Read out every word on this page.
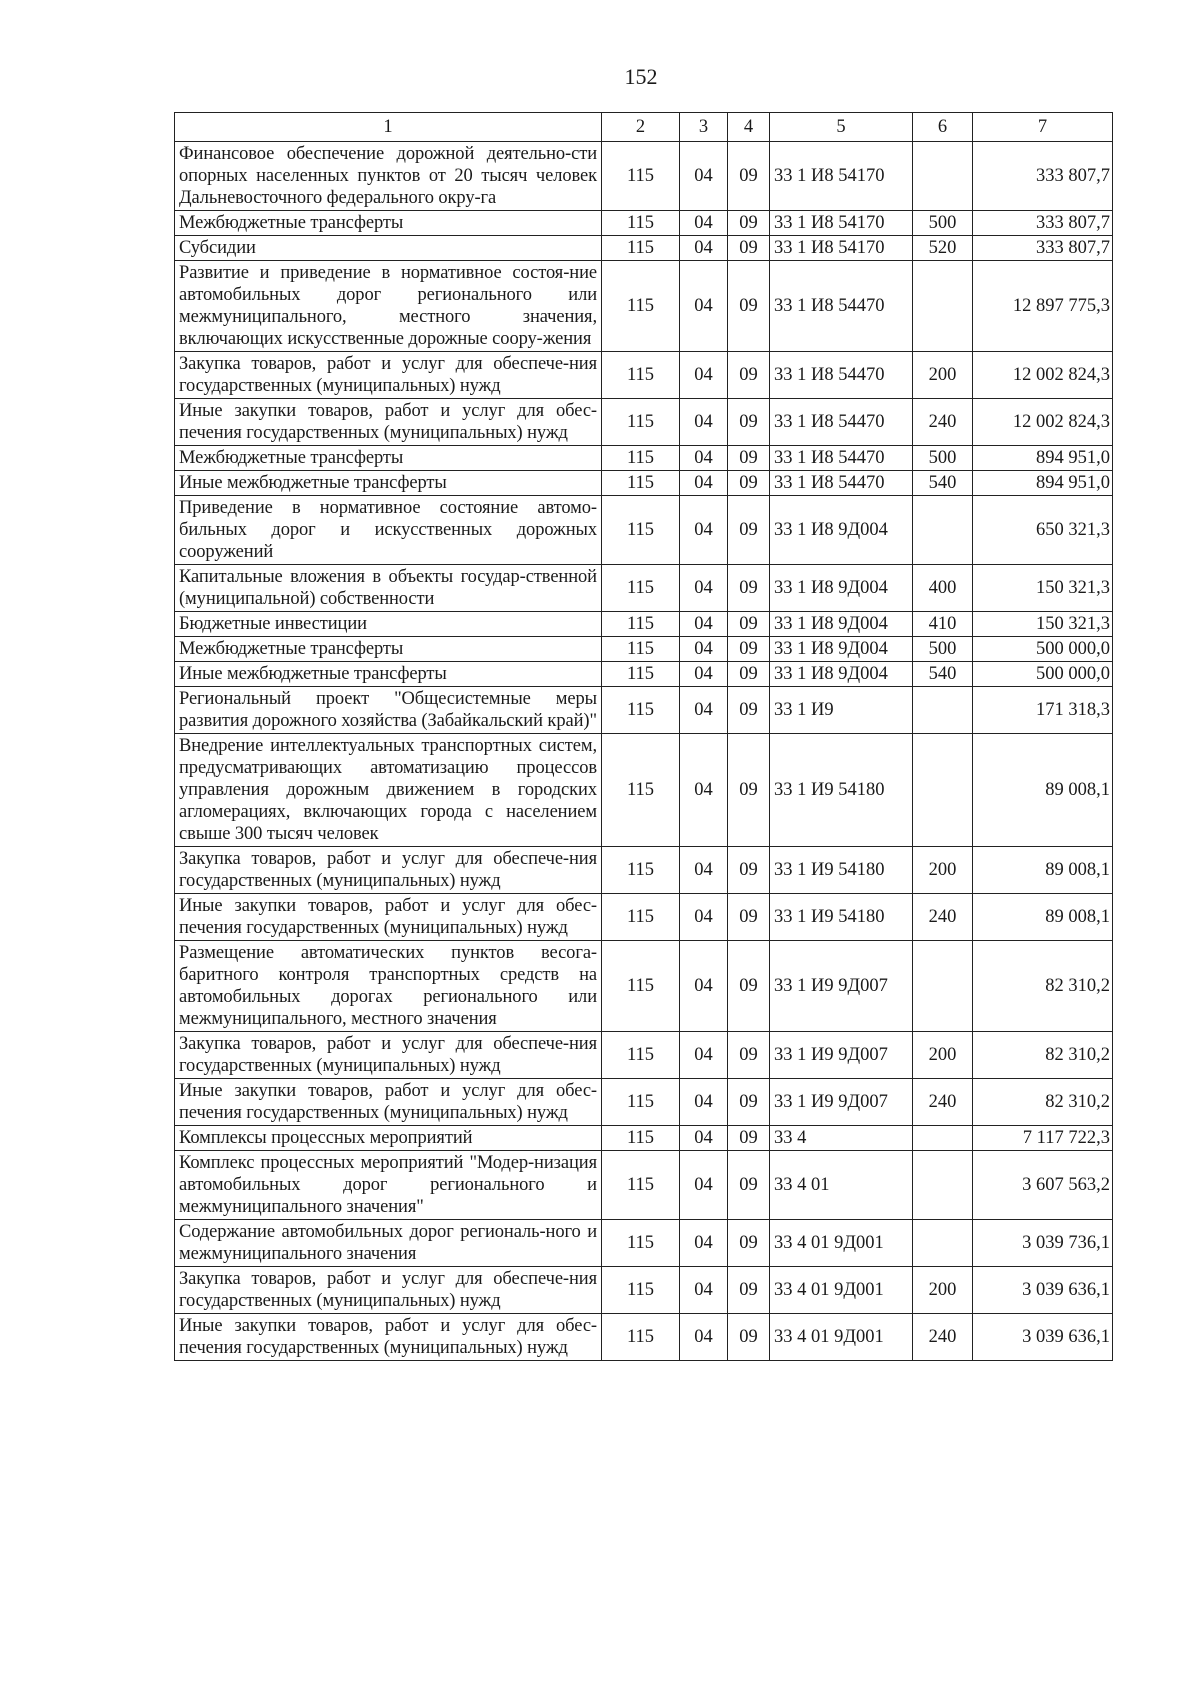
152
1	2	3	4	5	6	7
Финансовое обеспечение дорожной деятельно-сти опорных населенных пунктов от 20 тысяч человек Дальневосточного федерального окру-га	115	04	09	33 1 И8 54170		333 807,7
Межбюджетные трансферты	115	04	09	33 1 И8 54170	500	333 807,7
Субсидии	115	04	09	33 1 И8 54170	520	333 807,7
Развитие и приведение в нормативное состоя-ние автомобильных дорог регионального или межмуниципального, местного значения, включающих искусственные дорожные соору-жения	115	04	09	33 1 И8 54470		12 897 775,3
Закупка товаров, работ и услуг для обеспече-ния государственных (муниципальных) нужд	115	04	09	33 1 И8 54470	200	12 002 824,3
Иные закупки товаров, работ и услуг для обес-печения государственных (муниципальных) нужд	115	04	09	33 1 И8 54470	240	12 002 824,3
Межбюджетные трансферты	115	04	09	33 1 И8 54470	500	894 951,0
Иные межбюджетные трансферты	115	04	09	33 1 И8 54470	540	894 951,0
Приведение в нормативное состояние автомо-бильных дорог и искусственных дорожных сооружений	115	04	09	33 1 И8 9Д004		650 321,3
Капитальные вложения в объекты государ-ственной (муниципальной) собственности	115	04	09	33 1 И8 9Д004	400	150 321,3
Бюджетные инвестиции	115	04	09	33 1 И8 9Д004	410	150 321,3
Межбюджетные трансферты	115	04	09	33 1 И8 9Д004	500	500 000,0
Иные межбюджетные трансферты	115	04	09	33 1 И8 9Д004	540	500 000,0
Региональный проект "Общесистемные меры развития дорожного хозяйства (Забайкальский край)"	115	04	09	33 1 И9		171 318,3
Внедрение интеллектуальных транспортных систем, предусматривающих автоматизацию процессов управления дорожным движением в городских агломерациях, включающих города с населением свыше 300 тысяч человек	115	04	09	33 1 И9 54180		89 008,1
Закупка товаров, работ и услуг для обеспече-ния государственных (муниципальных) нужд	115	04	09	33 1 И9 54180	200	89 008,1
Иные закупки товаров, работ и услуг для обес-печения государственных (муниципальных) нужд	115	04	09	33 1 И9 54180	240	89 008,1
Размещение автоматических пунктов весога-баритного контроля транспортных средств на автомобильных дорогах регионального или межмуниципального, местного значения	115	04	09	33 1 И9 9Д007		82 310,2
Закупка товаров, работ и услуг для обеспече-ния государственных (муниципальных) нужд	115	04	09	33 1 И9 9Д007	200	82 310,2
Иные закупки товаров, работ и услуг для обес-печения государственных (муниципальных) нужд	115	04	09	33 1 И9 9Д007	240	82 310,2
Комплексы процессных мероприятий	115	04	09	33 4		7 117 722,3
Комплекс процессных мероприятий "Модер-низация автомобильных дорог регионального и межмуниципального значения"	115	04	09	33 4 01		3 607 563,2
Содержание автомобильных дорог региональ-ного и межмуниципального значения	115	04	09	33 4 01 9Д001		3 039 736,1
Закупка товаров, работ и услуг для обеспече-ния государственных (муниципальных) нужд	115	04	09	33 4 01 9Д001	200	3 039 636,1
Иные закупки товаров, работ и услуг для обес-печения государственных (муниципальных) нужд	115	04	09	33 4 01 9Д001	240	3 039 636,1
